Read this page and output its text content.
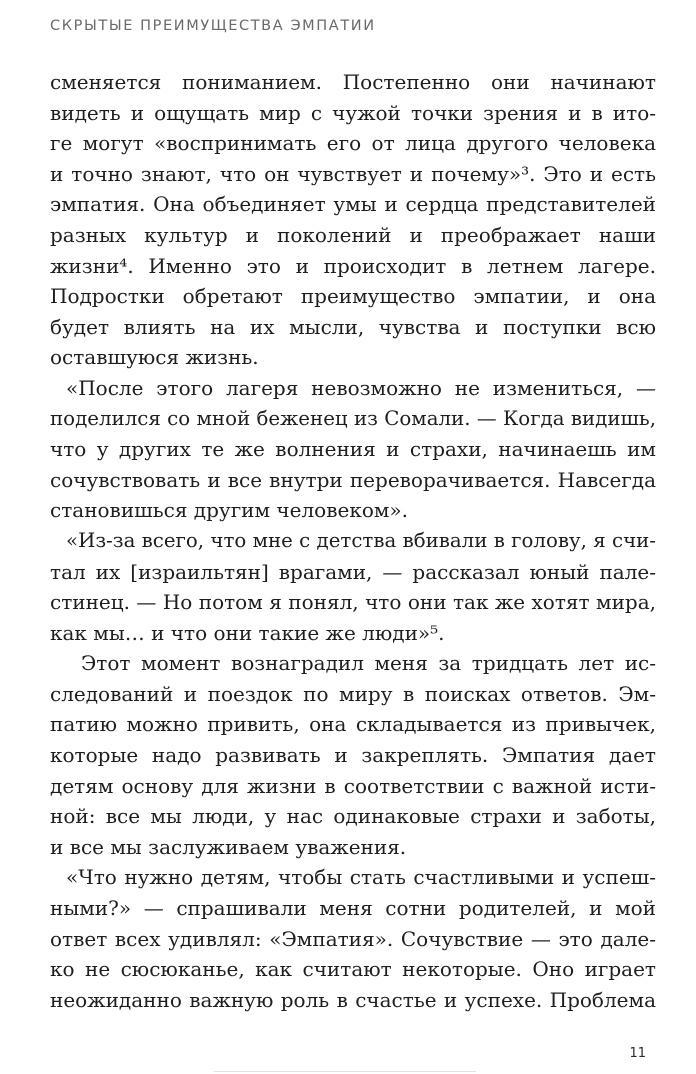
СКРЫТЫЕ ПРЕИМУЩЕСТВА ЭМПАТИИ
сменяется пониманием. Постепенно они начинают
видеть и ощущать мир с чужой точки зрения и в ито-
ге могут «воспринимать его от лица другого человека
и точно знают, что он чувствует и почему»³. Это и есть
эмпатия. Она объединяет умы и сердца представителей
разных культур и поколений и преображает наши
жизни⁴. Именно это и происходит в летнем лагере.
Подростки обретают преимущество эмпатии, и она
будет влиять на их мысли, чувства и поступки всю
оставшуюся жизнь.
«После этого лагеря невозможно не измениться, —
поделился со мной беженец из Сомали. — Когда видишь,
что у других те же волнения и страхи, начинаешь им
сочувствовать и все внутри переворачивается. Навсегда
становишься другим человеком».
«Из-за всего, что мне с детства вбивали в голову, я счи-
тал их [израильтян] врагами, — рассказал юный пале-
стинец. — Но потом я понял, что они так же хотят мира,
как мы… и что они такие же люди»⁵.
Этот момент вознаградил меня за тридцать лет ис-
следований и поездок по миру в поисках ответов. Эм-
патию можно привить, она складывается из привычек,
которые надо развивать и закреплять. Эмпатия дает
детям основу для жизни в соответствии с важной исти-
ной: все мы люди, у нас одинаковые страхи и заботы,
и все мы заслуживаем уважения.
«Что нужно детям, чтобы стать счастливыми и успеш-
ными?» — спрашивали меня сотни родителей, и мой
ответ всех удивлял: «Эмпатия». Сочувствие — это дале-
ко не сюсюканье, как считают некоторые. Оно играет
неожиданно важную роль в счастье и успехе. Проблема
11
